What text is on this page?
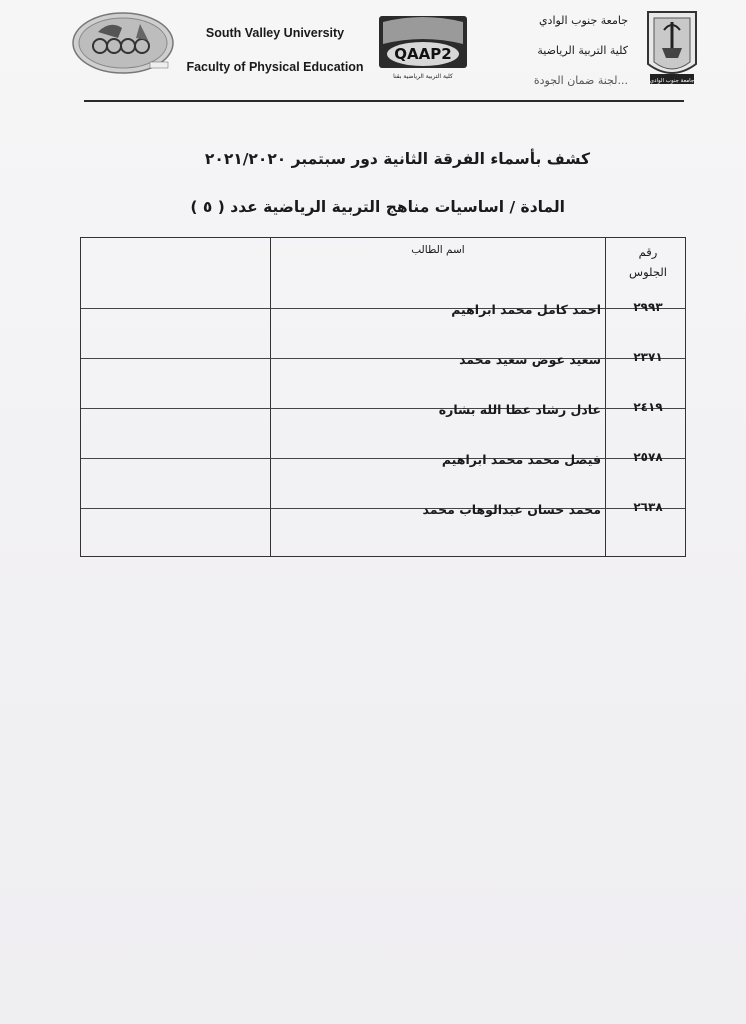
South Valley University
Faculty of Physical Education
QAAP2
كلية التربية الرياضية بقنا
جامعة جنوب الوادي
كلية التربية الرياضية
...لجنة ضمان الجودة	جامعة جنوب الوادي
كشف بأسماء الفرقة الثانية دور سبتمبر ٢٠٢١/٢٠٢٠
المادة / اساسيات مناهج التربية الرياضية عدد ( ٥ )
رقم
الجلوس
اسم الطالب
٢٩٩٣
احمد كامل محمد ابراهيم
٢٣٧١
سعيد عوض سعيد محمد
٢٤١٩
عادل رشاد عطا الله بشاره
٢٥٧٨
فيصل محمد محمد ابراهيم
٢٦٣٨
محمد حسان عبدالوهاب محمد
